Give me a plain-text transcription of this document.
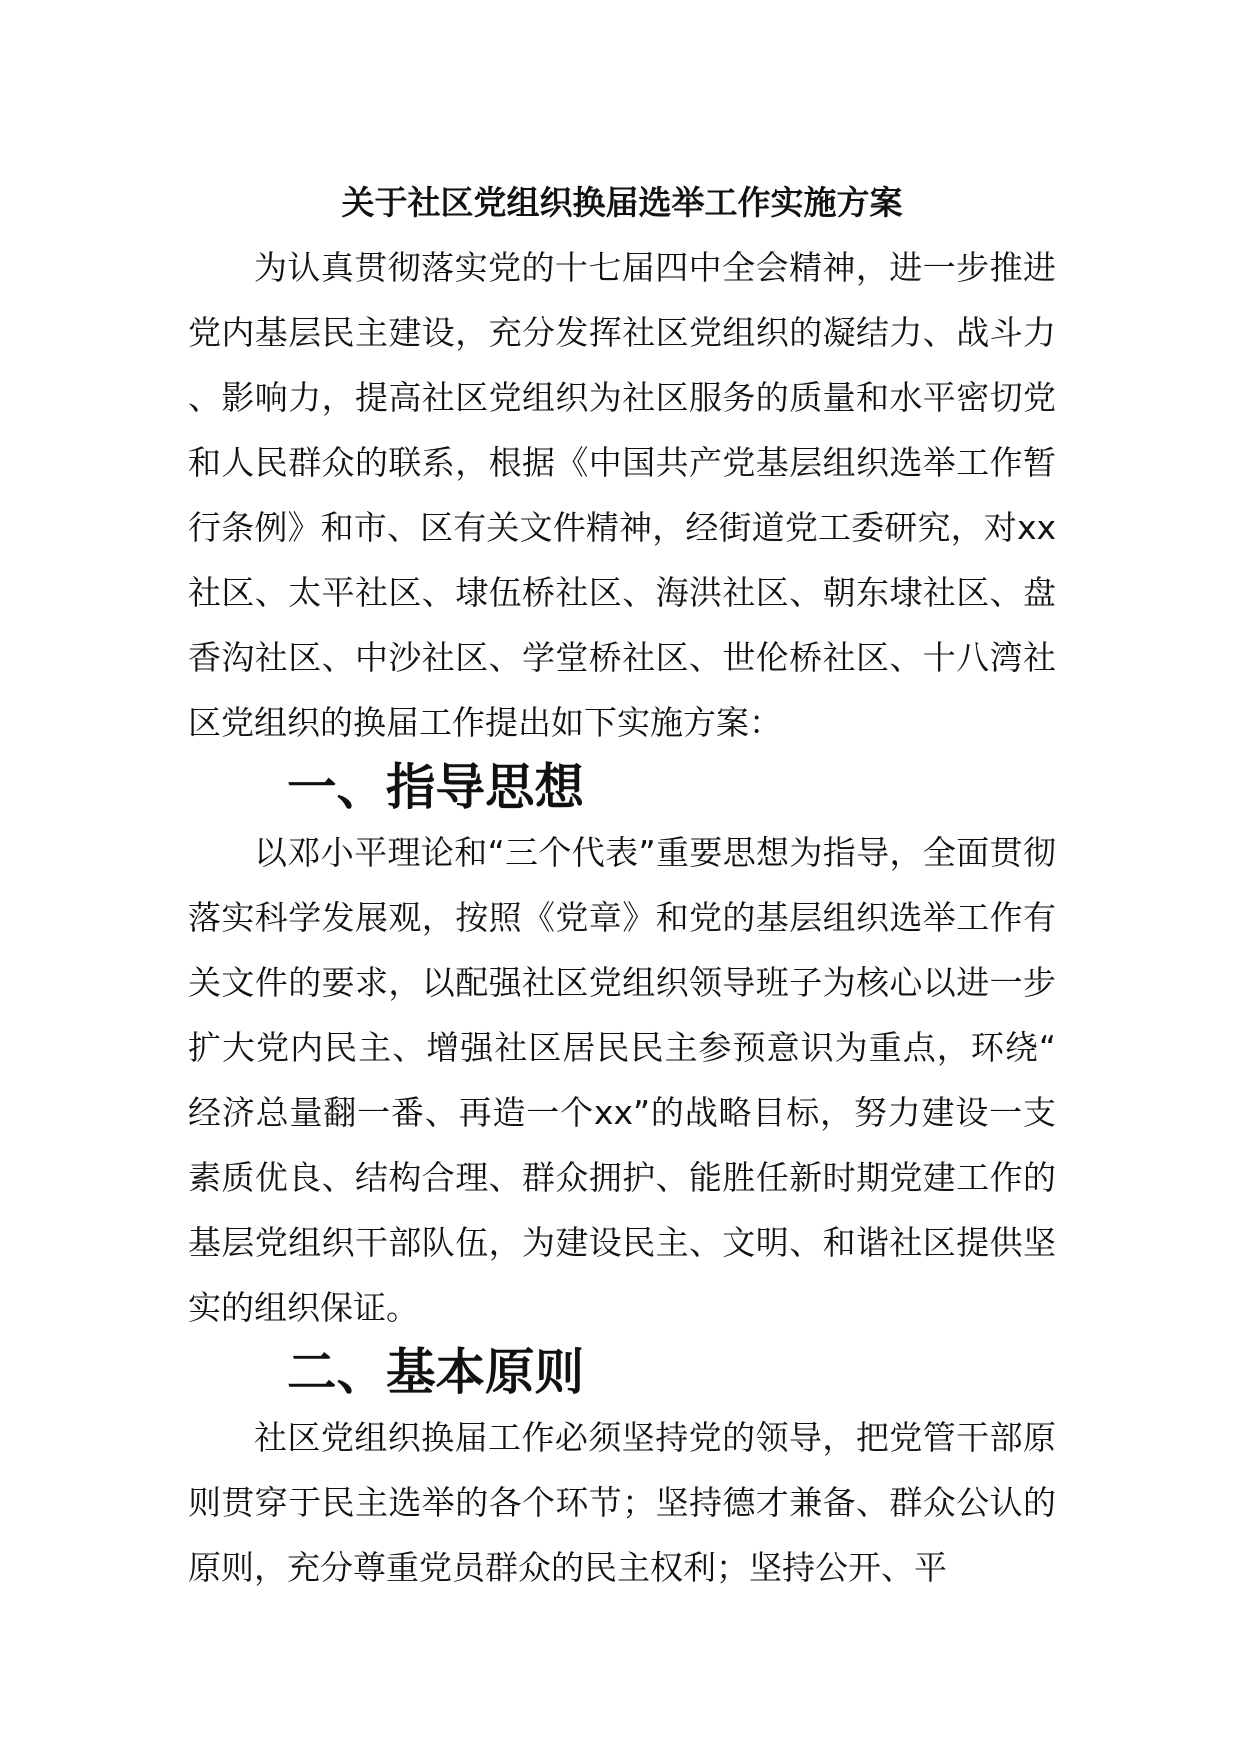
关于社区党组织换届选举工作实施方案

为认真贯彻落实党的十七届四中全会精神，进一步推进党内基层民主建设，充分发挥社区党组织的凝结力、战斗力、影响力，提高社区党组织为社区服务的质量和水平密切党和人民群众的联系，根据《中国共产党基层组织选举工作暂行条例》和市、区有关文件精神，经街道党工委研究，对xx社区、太平社区、埭伍桥社区、海洪社区、朝东埭社区、盘香沟社区、中沙社区、学堂桥社区、世伦桥社区、十八湾社区党组织的换届工作提出如下实施方案：

一、指导思想

以邓小平理论和“三个代表”重要思想为指导，全面贯彻落实科学发展观，按照《党章》和党的基层组织选举工作有关文件的要求，以配强社区党组织领导班子为核心以进一步扩大党内民主、增强社区居民民主参预意识为重点，环绕“经济总量翻一番、再造一个xx”的战略目标，努力建设一支素质优良、结构合理、群众拥护、能胜任新时期党建工作的基层党组织干部队伍，为建设民主、文明、和谐社区提供坚实的组织保证。

二、基本原则

社区党组织换届工作必须坚持党的领导，把党管干部原则贯穿于民主选举的各个环节；坚持德才兼备、群众公认的原则，充分尊重党员群众的民主权利；坚持公开、平
